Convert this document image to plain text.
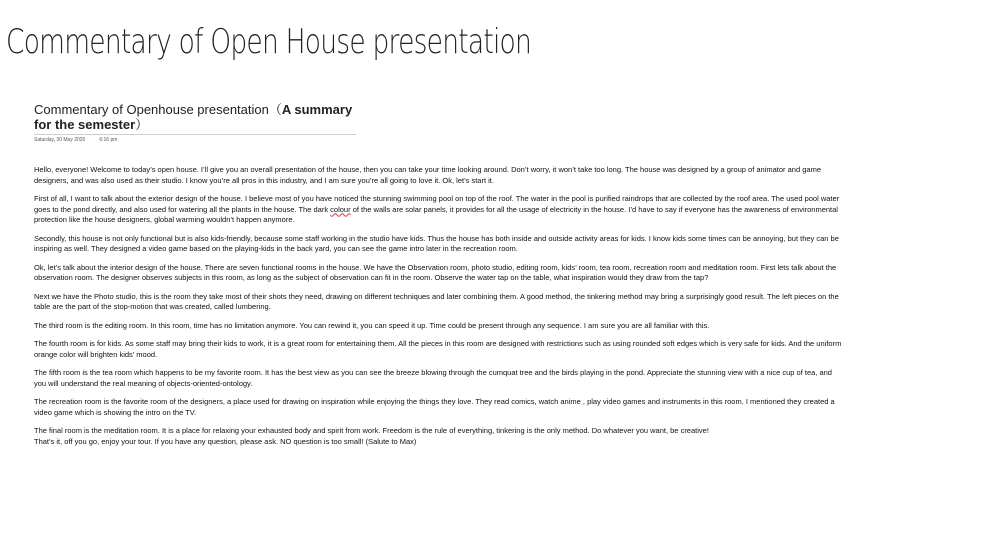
Commentary of Open House presentation
Commentary of Openhouse presentation（A summary for the semester）
Saturday, 30 May 2020	6:16 pm

Hello, everyone! Welcome to today’s open house. I’ll give you an overall presentation of the house, then you can take your time looking around. Don’t worry, it won’t take too long. The house was designed by a group of animator and game designers, and was also used as their studio. I know you’re all pros in this industry, and I am sure you’re all going to love it. Ok, let’s start it.

First of all, I want to talk about the exterior design of the house. I believe most of you have noticed the stunning swimming pool on top of the roof. The water in the pool is purified raindrops that are collected by the roof area. The used pool water goes to the pond directly, and also used for watering all the plants in the house. The dark colour of the walls are solar panels, it provides for all the usage of electricity in the house. I’d have to say if everyone has the awareness of environmental protection like the house designers, global warming wouldn’t happen anymore.

Secondly, this house is not only functional but is also kids-friendly, because some staff working in the studio have kids. Thus the house has both inside and outside activity areas for kids. I know kids some times can be annoying, but they can be inspiring as well. They designed a video game based on the playing-kids in the back yard, you can see the game intro later in the recreation room.

Ok, let’s talk about the interior design of the house. There are seven functional rooms in the house. We have the Observation room, photo studio, editing room, kids’ room, tea room, recreation room and meditation room. First lets talk about the observation room. The designer observes subjects in this room, as long as the subject of observation can fit in the room. Observe the water tap on the table, what inspiration would they draw from the tap?

Next we have the Photo studio, this is the room they take most of their shots they need, drawing on different techniques and later combining them. A good method, the tinkering method may bring a surprisingly good result. The left pieces on the table are the part of the stop-motion that was created, called lumbering.

The third room is the editing room. In this room, time has no limitation anymore. You can rewind it, you can speed it up. Time could be present through any sequence. I am sure you are all familiar with this.

The fourth room is for kids. As some staff may bring their kids to work, it is a great room for entertaining them. All the pieces in this room are designed with restrictions such as using rounded soft edges which is very safe for kids. And the uniform orange color will brighten kids’ mood.

The fifth room is the tea room which happens to be my favorite room. It has the best view as you can see the breeze blowing through the cumquat tree and the birds playing in the pond. Appreciate the stunning view with a nice cup of tea, and you will understand the real meaning of objects-oriented-ontology.

The recreation room is the favorite room of the designers, a place used for drawing on inspiration while enjoying the things they love. They read comics, watch anime , play video games and instruments in this room. I mentioned they created a video game which is showing the intro on the TV.

The final room is the meditation room. It is a place for relaxing your exhausted body and spirit from work. Freedom is the rule of everything, tinkering is the only method. Do whatever you want, be creative!

That’s it, off you go, enjoy your tour. If you have any question, please ask. NO question is too small! (Salute to Max)
